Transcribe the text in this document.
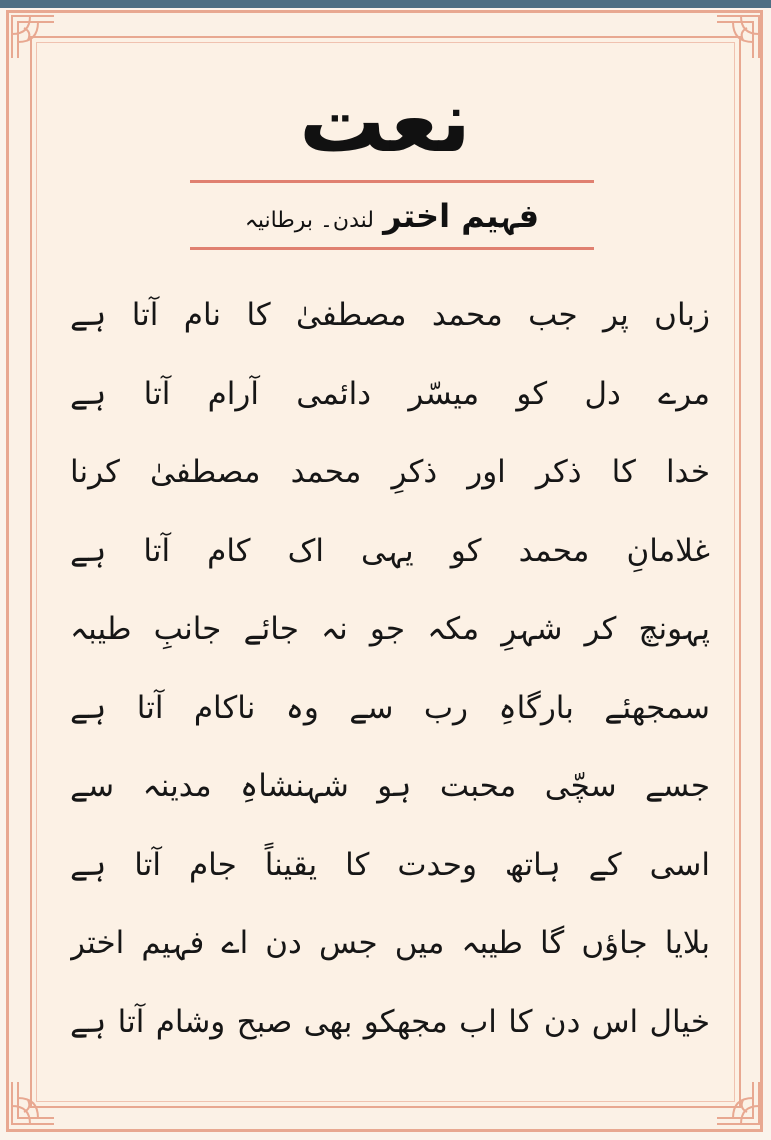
نعت
فہیم اختر لندن۔ برطانیہ
زباں پر جب محمد مصطفیٰ کا نام آتا ہے
مرے دل کو میسّر دائمی آرام آتا ہے
خدا کا ذکر اور ذکرِ محمد مصطفیٰ کرنا
غلامانِ محمد کو یہی اک کام آتا ہے
پہونچ کر شہرِ مکہ جو نہ جائے جانبِ طیبہ
سمجھئے بارگاہِ رب سے وہ ناکام آتا ہے
جسے سچّی محبت ہو شہنشاہِ مدینہ سے
اسی کے ہاتھ وحدت کا یقیناً جام آتا ہے
بلایا جاؤں گا طیبہ میں جس دن اے فہیم اختر
خیال اس دن کا اب مجھکو بھی صبح وشام آتا ہے
